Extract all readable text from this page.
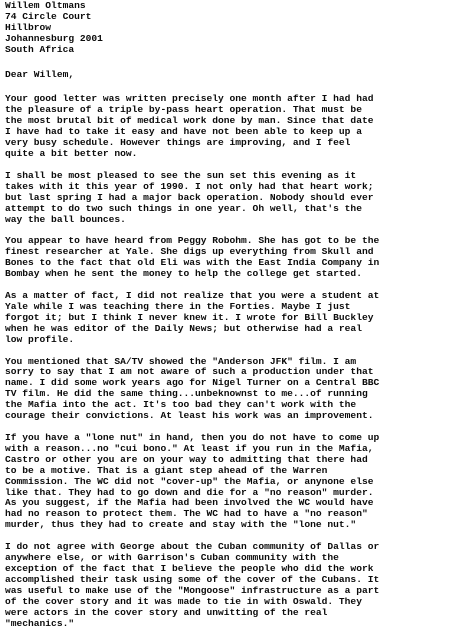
Willem Oltmans
74 Circle Court
Hillbrow
Johannesburg 2001
South Africa
Dear Willem,
Your good letter was written precisely one month after I had had
the pleasure of a triple by-pass heart operation. That must be
the most brutal bit of medical work done by man. Since that date
I have had to take it easy and have not been able to keep up a
very busy schedule. However things are improving, and I feel
quite a bit better now.
I shall be most pleased to see the sun set this evening as it
takes with it this year of 1990. I not only had that heart work;
but last spring I had a major back operation. Nobody should ever
attempt to do two such things in one year. Oh well, that's the
way the ball bounces.
You appear to have heard from Peggy Robohm. She has got to be the
finest researcher at Yale. She digs up everything from Skull and
Bones to the fact that old Eli was with the East India Company in
Bombay when he sent the money to help the college get started.
As a matter of fact, I did not realize that you were a student at
Yale while I was teaching there in the Forties. Maybe I just
forgot it; but I think I never knew it. I wrote for Bill Buckley
when he was editor of the Daily News; but otherwise had a real
low profile.
You mentioned that SA/TV showed the "Anderson JFK" film. I am
sorry to say that I am not aware of such a production under that
name. I did some work years ago for Nigel Turner on a Central BBC
TV film. He did the same thing...unbeknownst to me...of running
the Mafia into the act. It's too bad they can't work with the
courage their convictions. At least his work was an improvement.
If you have a "lone nut" in hand, then you do not have to come up
with a reason...no "cui bono." At least if you run in the Mafia,
Castro or other you are on your way to admitting that there had
to be a motive. That is a giant step ahead of the Warren
Commission. The WC did not "cover-up" the Mafia, or anynone else
like that. They had to go down and die for a "no reason" murder.
As you suggest, if the Mafia had been involved the WC would have
had no reason to protect them. The WC had to have a "no reason"
murder, thus they had to create and stay with the "lone nut."
I do not agree with George about the Cuban community of Dallas or
anywhere else, or with Garrison's Cuban community with the
exception of the fact that I believe the people who did the work
accomplished their task using some of the cover of the Cubans. It
was useful to make use of the "Mongoose" infrastructure as a part
of the cover story and it was made to tie in with Oswald. They
were actors in the cover story and unwitting of the real
"mechanics."
